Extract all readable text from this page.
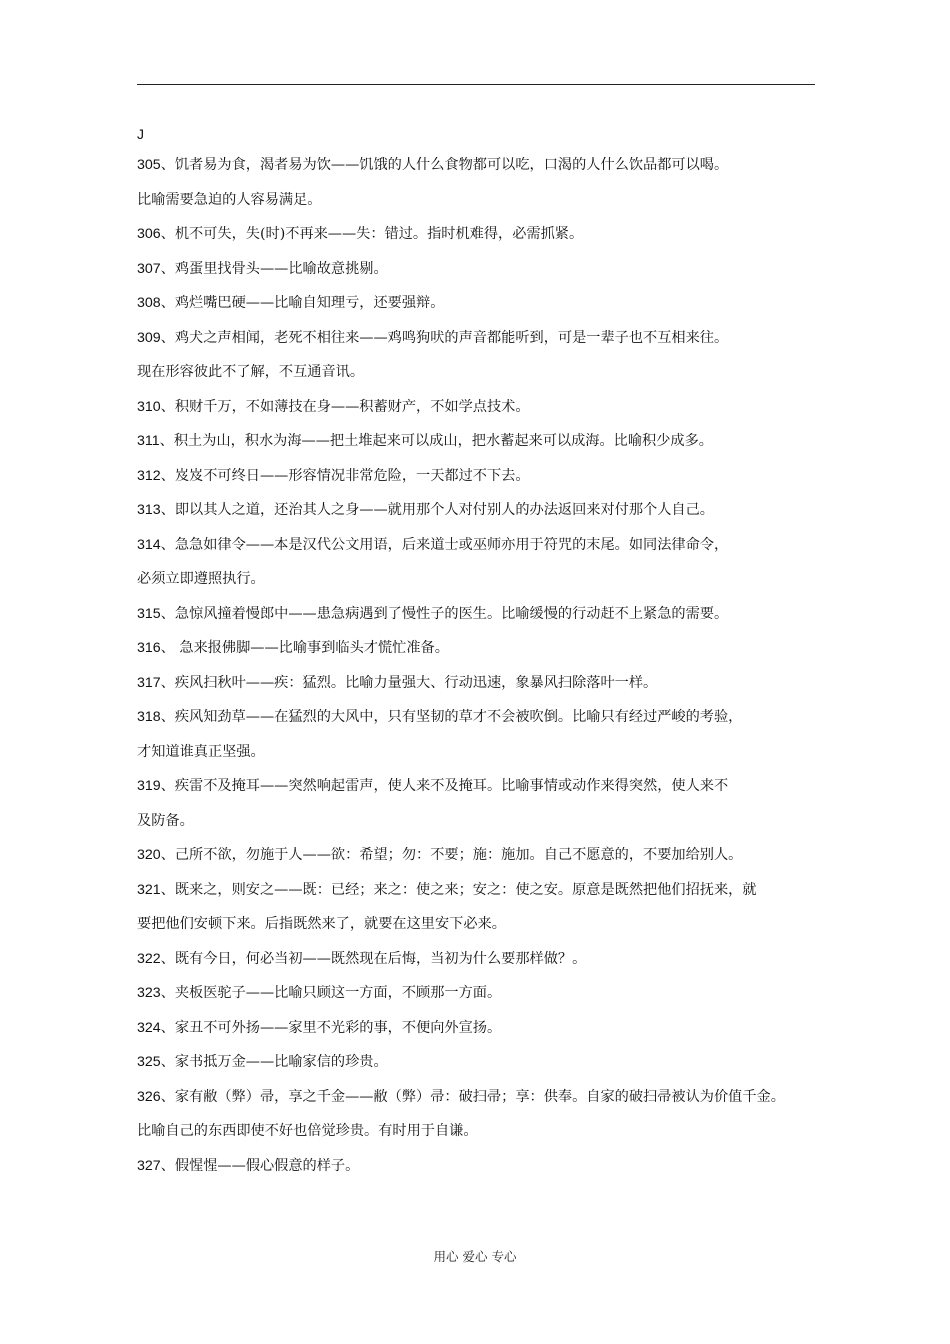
J
305、饥者易为食，渴者易为饮——饥饿的人什么食物都可以吃，口渴的人什么饮品都可以喝。
比喻需要急迫的人容易满足。
306、机不可失，失(时)不再来——失：错过。指时机难得，必需抓紧。
307、鸡蛋里找骨头——比喻故意挑剔。
308、鸡烂嘴巴硬——比喻自知理亏，还要强辩。
309、鸡犬之声相闻，老死不相往来——鸡鸣狗吠的声音都能听到，可是一辈子也不互相来往。
现在形容彼此不了解，不互通音讯。
310、积财千万，不如薄技在身——积蓄财产，不如学点技术。
311、积土为山，积水为海——把土堆起来可以成山，把水蓄起来可以成海。比喻积少成多。
312、岌岌不可终日——形容情况非常危险，一天都过不下去。
313、即以其人之道，还治其人之身——就用那个人对付别人的办法返回来对付那个人自己。
314、急急如律令——本是汉代公文用语，后来道士或巫师亦用于符咒的末尾。如同法律命令，
必须立即遵照执行。
315、急惊风撞着慢郎中——患急病遇到了慢性子的医生。比喻缓慢的行动赶不上紧急的需要。
316、 急来报佛脚——比喻事到临头才慌忙准备。
317、疾风扫秋叶——疾：猛烈。比喻力量强大、行动迅速，象暴风扫除落叶一样。
318、疾风知劲草——在猛烈的大风中，只有坚韧的草才不会被吹倒。比喻只有经过严峻的考验，
才知道谁真正坚强。
319、疾雷不及掩耳——突然响起雷声，使人来不及掩耳。比喻事情或动作来得突然，使人来不
及防备。
320、己所不欲，勿施于人——欲：希望；勿：不要；施：施加。自己不愿意的，不要加给别人。
321、既来之，则安之——既：已经；来之：使之来；安之：使之安。原意是既然把他们招抚来，就
要把他们安顿下来。后指既然来了，就要在这里安下必来。
322、既有今日，何必当初——既然现在后悔，当初为什么要那样做？。
323、夹板医驼子——比喻只顾这一方面，不顾那一方面。
324、家丑不可外扬——家里不光彩的事，不便向外宣扬。
325、家书抵万金——比喻家信的珍贵。
326、家有敝（弊）帚，享之千金——敝（弊）帚：破扫帚；享：供奉。自家的破扫帚被认为价值千金。
比喻自己的东西即使不好也倍觉珍贵。有时用于自谦。
327、假惺惺——假心假意的样子。
用心 爱心 专心
